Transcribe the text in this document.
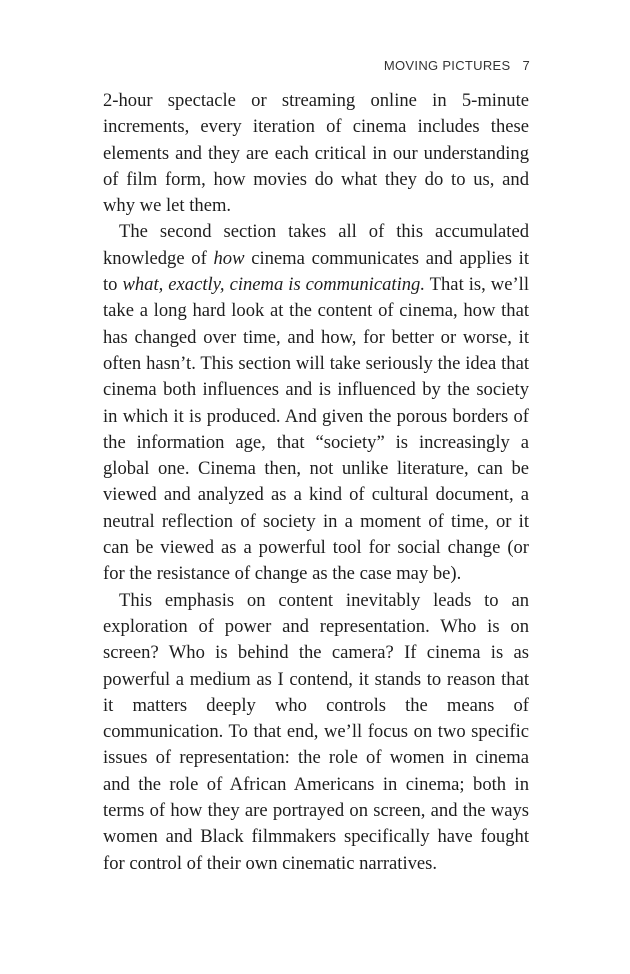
MOVING PICTURES 7

2-hour spectacle or streaming online in 5-minute increments, every iteration of cinema includes these elements and they are each critical in our understanding of film form, how movies do what they do to us, and why we let them.

The second section takes all of this accumulated knowledge of how cinema communicates and applies it to what, exactly, cinema is communicating. That is, we’ll take a long hard look at the content of cinema, how that has changed over time, and how, for better or worse, it often hasn’t. This section will take seriously the idea that cinema both influences and is influenced by the society in which it is produced. And given the porous borders of the information age, that “society” is increasingly a global one. Cinema then, not unlike literature, can be viewed and analyzed as a kind of cultural document, a neutral reflection of society in a moment of time, or it can be viewed as a powerful tool for social change (or for the resistance of change as the case may be).

This emphasis on content inevitably leads to an exploration of power and representation. Who is on screen? Who is behind the camera? If cinema is as powerful a medium as I contend, it stands to reason that it matters deeply who controls the means of communication. To that end, we’ll focus on two specific issues of representation: the role of women in cinema and the role of African Americans in cinema; both in terms of how they are portrayed on screen, and the ways women and Black filmmakers specifically have fought for control of their own cinematic narratives.
